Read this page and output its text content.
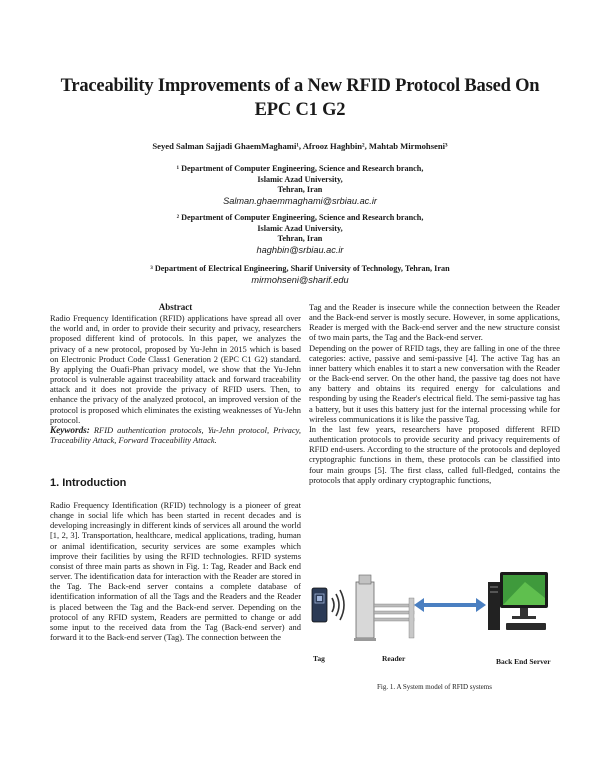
Traceability Improvements of a New RFID Protocol Based On
EPC C1 G2
Seyed Salman Sajjadi GhaemMaghami¹, Afrooz Haghbin², Mahtab Mirmohseni³
¹ Department of Computer Engineering, Science and Research branch,
Islamic Azad University,
Tehran, Iran
Salman.ghaemmaghami@srbiau.ac.ir
² Department of Computer Engineering, Science and Research branch,
Islamic Azad University,
Tehran, Iran
haghbin@srbiau.ac.ir
³ Department of Electrical Engineering, Sharif University of Technology, Tehran, Iran
mirmohseni@sharif.edu
Abstract

Radio Frequency Identification (RFID) applications have spread all over the world and, in order to provide their security and privacy, researchers proposed different kind of protocols. In this paper, we analyzes the privacy of a new protocol, proposed by Yu-Jehn in 2015 which is based on Electronic Product Code Class1 Generation 2 (EPC C1 G2) standard. By applying the Ouafi-Phan privacy model, we show that the Yu-Jehn protocol is vulnerable against traceability attack and forward traceability attack and it does not provide the privacy of RFID users. Then, to enhance the privacy of the analyzed protocol, an improved version of the protocol is proposed which eliminates the existing weaknesses of Yu-Jehn protocol.

Keywords: RFID authentication protocols, Yu-Jehn protocol, Privacy, Traceability Attack, Forward Traceability Attack.

1. Introduction

Radio Frequency Identification (RFID) technology is a pioneer of great change in social life which has been started in recent decades and is developing increasingly in different kinds of services all around the world [1, 2, 3]. Transportation, healthcare, medical applications, trading, human or animal identification, security services are some examples which improve their facilities by using the RFID technologies. RFID systems consist of three main parts as shown in Fig. 1: Tag, Reader and Back end server. The identification data for interaction with the Reader are stored in the Tag. The Back-end server contains a complete database of identification information of all the Tags and the Readers and the Reader is placed between the Tag and the Back-end server. Depending on the protocol of any RFID system, Readers are permitted to change or add some input to the received data from the Tag (Back-end server) and forward it to the Back-end server (Tag). The connection between the

Tag and the Reader is insecure while the connection between the Reader and the Back-end server is mostly secure. However, in some applications, Reader is merged with the Back-end server and the new structure consist of two main parts, the Tag and the Back-end server.

Depending on the power of RFID tags, they are falling in one of the three categories: active, passive and semi-passive [4]. The active Tag has an inner battery which enables it to start a new conversation with the Reader or the Back-end server. On the other hand, the passive tag does not have any battery and obtains its required energy for calculations and responding by using the Reader's electrical field. The semi-passive tag has a battery, but it uses this battery just for the internal processing while for wireless communications it is like the passive Tag.

In the last few years, researchers have proposed different RFID authentication protocols to provide security and privacy requirements of RFID end-users. According to the structure of the protocols and deployed cryptographic functions in them, these protocols can be classified into four main groups [5]. The first class, called full-fledged, contains the protocols that apply ordinary cryptographic functions,

Tag	Reader	Back End Server
Fig. 1. A System model of RFID systems
